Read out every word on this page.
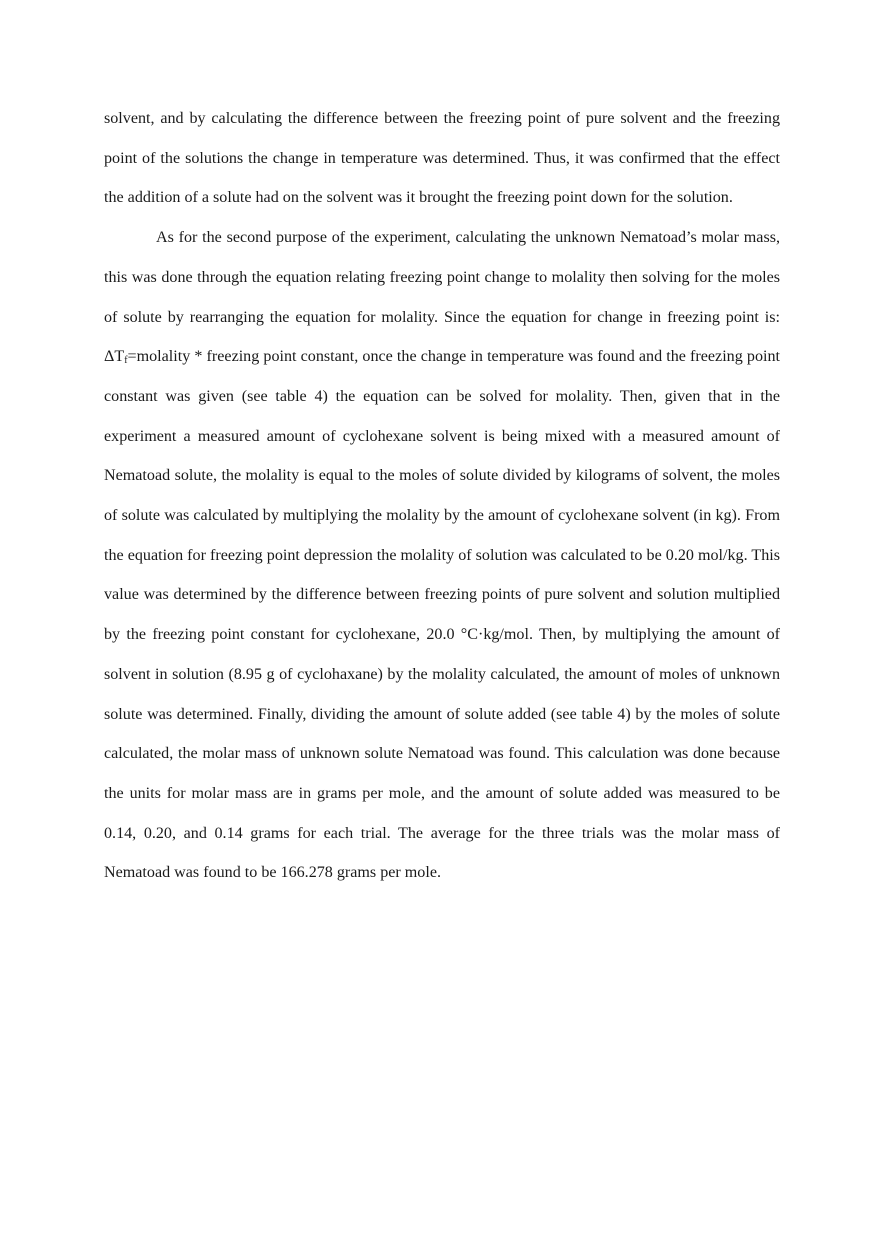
solvent, and by calculating the difference between the freezing point of pure solvent and the freezing point of the solutions the change in temperature was determined. Thus, it was confirmed that the effect the addition of a solute had on the solvent was it brought the freezing point down for the solution.

As for the second purpose of the experiment, calculating the unknown Nematoad’s molar mass, this was done through the equation relating freezing point change to molality then solving for the moles of solute by rearranging the equation for molality. Since the equation for change in freezing point is: $\Delta T_f=molality$ * freezing point constant, once the change in temperature was found and the freezing point constant was given (see table 4) the equation can be solved for molality. Then, given that in the experiment a measured amount of cyclohexane solvent is being mixed with a measured amount of Nematoad solute, the molality is equal to the moles of solute divided by kilograms of solvent, the moles of solute was calculated by multiplying the molality by the amount of cyclohexane solvent (in kg). From the equation for freezing point depression the molality of solution was calculated to be 0.20 mol/kg. This value was determined by the difference between freezing points of pure solvent and solution multiplied by the freezing point constant for cyclohexane, 20.0 °C·kg/mol. Then, by multiplying the amount of solvent in solution (8.95 g of cyclohaxane) by the molality calculated, the amount of moles of unknown solute was determined. Finally, dividing the amount of solute added (see table 4) by the moles of solute calculated, the molar mass of unknown solute Nematoad was found. This calculation was done because the units for molar mass are in grams per mole, and the amount of solute added was measured to be 0.14, 0.20, and 0.14 grams for each trial. The average for the three trials was the molar mass of Nematoad was found to be 166.278 grams per mole.
